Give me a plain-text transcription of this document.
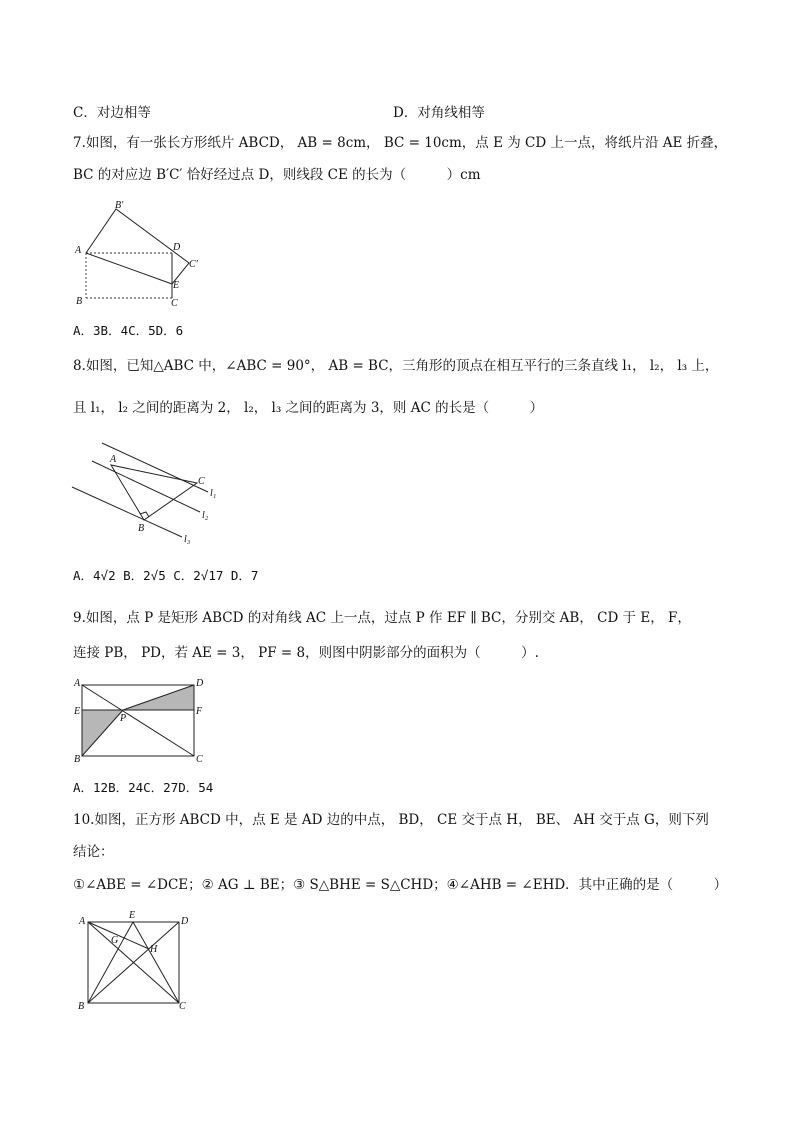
C．对边相等	D．对角线相等
7.如图，有一张长方形纸片 ABCD， AB = 8cm， BC = 10cm，点 E 为 CD 上一点，将纸片沿 AE 折叠，
BC 的对应边 B′C′ 恰好经过点 D，则线段 CE 的长为（　　　）cm
B′
A	D
C′
E
B	C
A．3B．4C．5D．6
8.如图，已知△ABC 中，∠ABC = 90°， AB = BC，三角形的顶点在相互平行的三条直线 l₁， l₂， l₃ 上，
且 l₁， l₂ 之间的距离为 2， l₂， l₃ 之间的距离为 3，则 AC 的长是（　　　）
A
B
C
l₁
l₂
l₃
A．4√2 B．2√5 C．2√17 D．7
9.如图，点 P 是矩形 ABCD 的对角线 AC 上一点，过点 P 作 EF ∥ BC，分别交 AB， CD 于 E， F，
连接 PB， PD，若 AE = 3， PF = 8，则图中阴影部分的面积为（　　　）.
A	D
E
P
F
B	C
A．12B．24C．27D．54
10.如图，正方形 ABCD 中，点 E 是 AD 边的中点， BD， CE 交于点 H， BE、 AH 交于点 G，则下列
结论：
①∠ABE = ∠DCE；② AG ⊥ BE；③ S△BHE = S△CHD；④∠AHB = ∠EHD．其中正确的是（　　　）
A
E
D
G
H
B	C
